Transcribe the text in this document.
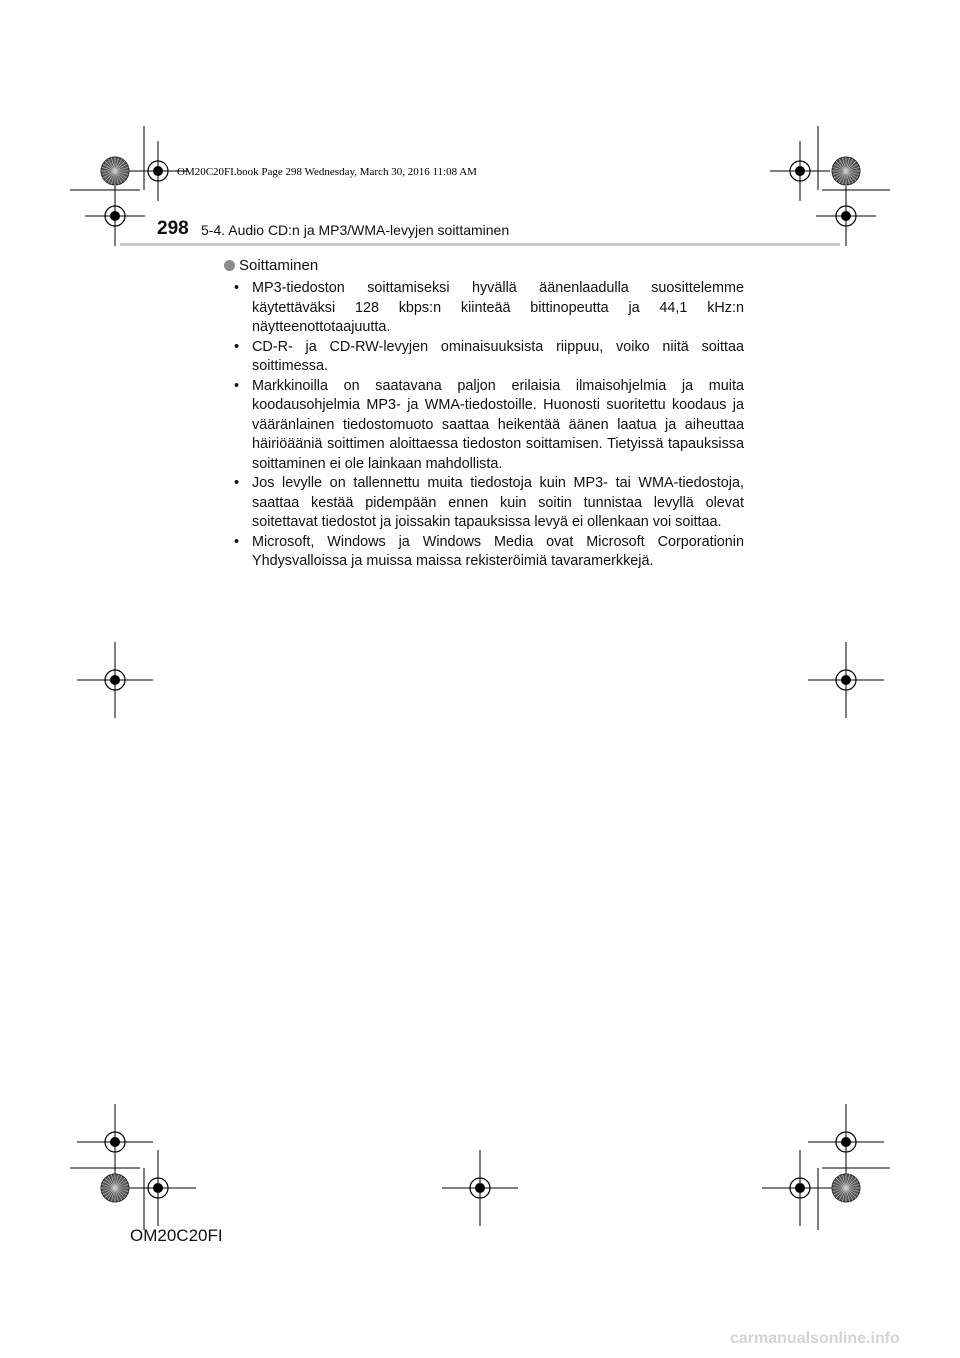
OM20C20FI.book Page 298 Wednesday, March 30, 2016 11:08 AM
298 5-4. Audio CD:n ja MP3/WMA-levyjen soittaminen
Soittaminen
• MP3-tiedoston soittamiseksi hyvällä äänenlaadulla suosittelemme käytettäväksi 128 kbps:n kiinteää bittinopeutta ja 44,1 kHz:n näytteenottotaajuutta.
• CD-R- ja CD-RW-levyjen ominaisuuksista riippuu, voiko niitä soittaa soittimessa.
• Markkinoilla on saatavana paljon erilaisia ilmaisohjelmia ja muita koodausohjelmia MP3- ja WMA-tiedostoille. Huonosti suoritettu koodaus ja vääränlainen tiedostomuoto saattaa heikentää äänen laatua ja aiheuttaa häiriöääniä soittimen aloittaessa tiedoston soittamisen. Tietyissä tapauksissa soittaminen ei ole lainkaan mahdollista.
• Jos levylle on tallennettu muita tiedostoja kuin MP3- tai WMA-tiedostoja, saattaa kestää pidempään ennen kuin soitin tunnistaa levyllä olevat soitettavat tiedostot ja joissakin tapauksissa levyä ei ollenkaan voi soittaa.
• Microsoft, Windows ja Windows Media ovat Microsoft Corporationin Yhdysvalloissa ja muissa maissa rekisteröimiä tavaramerkkejä.
OM20C20FI
carmanualsonline.info
